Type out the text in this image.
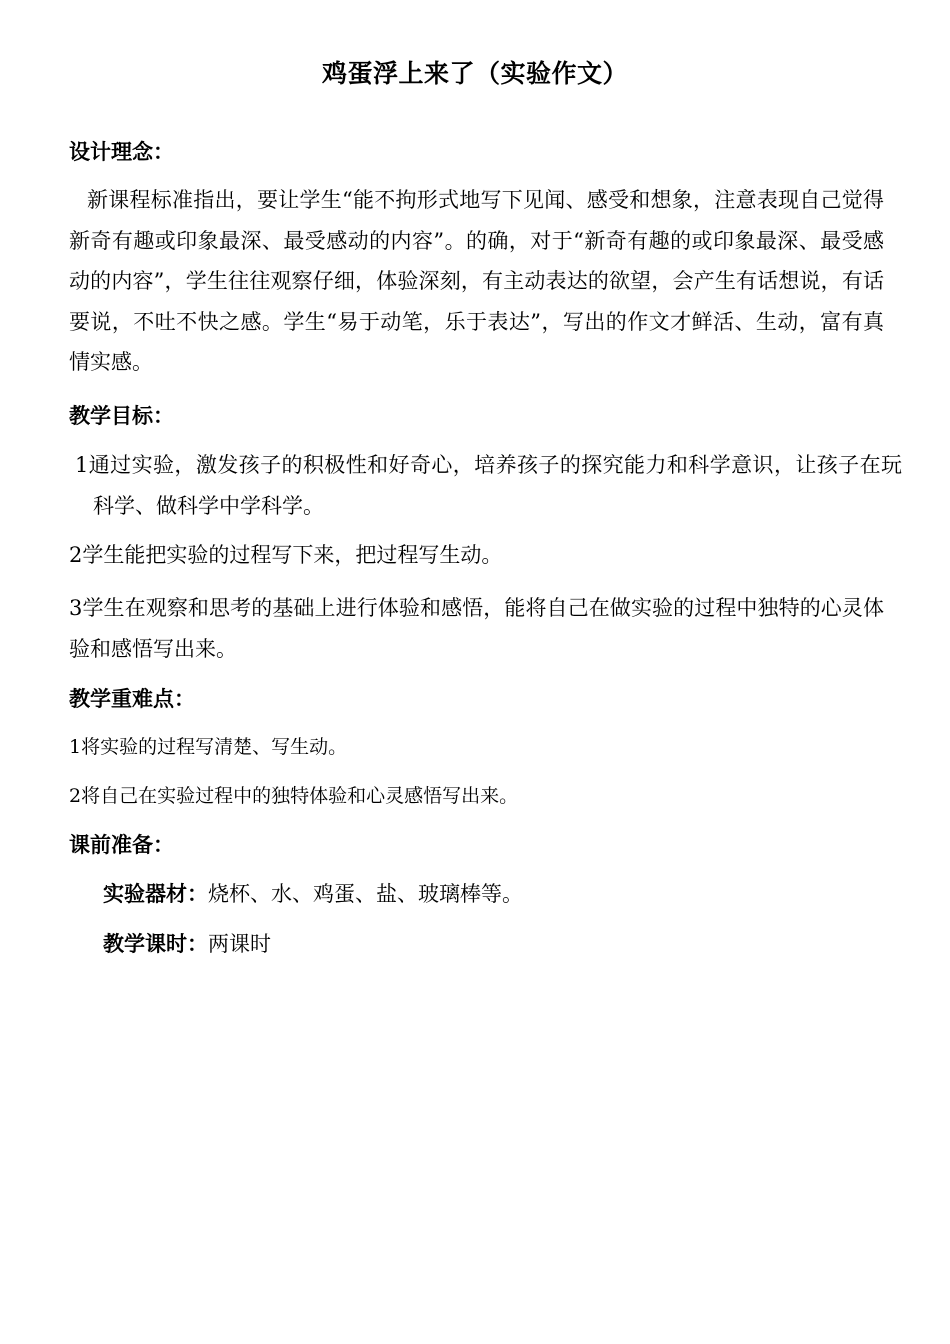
鸡蛋浮上来了（实验作文）
设计理念：
新课程标准指出，要让学生“能不拘形式地写下见闻、感受和想象，注意表现自己觉得新奇有趣或印象最深、最受感动的内容”。的确，对于“新奇有趣的或印象最深、最受感动的内容”，学生往往观察仔细，体验深刻，有主动表达的欲望，会产生有话想说，有话要说，不吐不快之感。学生“易于动笔，乐于表达”，写出的作文才鲜活、生动，富有真情实感。
教学目标：
1通过实验，激发孩子的积极性和好奇心，培养孩子的探究能力和科学意识，让孩子在玩科学、做科学中学科学。
2学生能把实验的过程写下来，把过程写生动。
3学生在观察和思考的基础上进行体验和感悟，能将自己在做实验的过程中独特的心灵体验和感悟写出来。
教学重难点：
1将实验的过程写清楚、写生动。
2将自己在实验过程中的独特体验和心灵感悟写出来。
课前准备：
实验器材：烧杯、水、鸡蛋、盐、玻璃棒等。
教学课时：两课时
